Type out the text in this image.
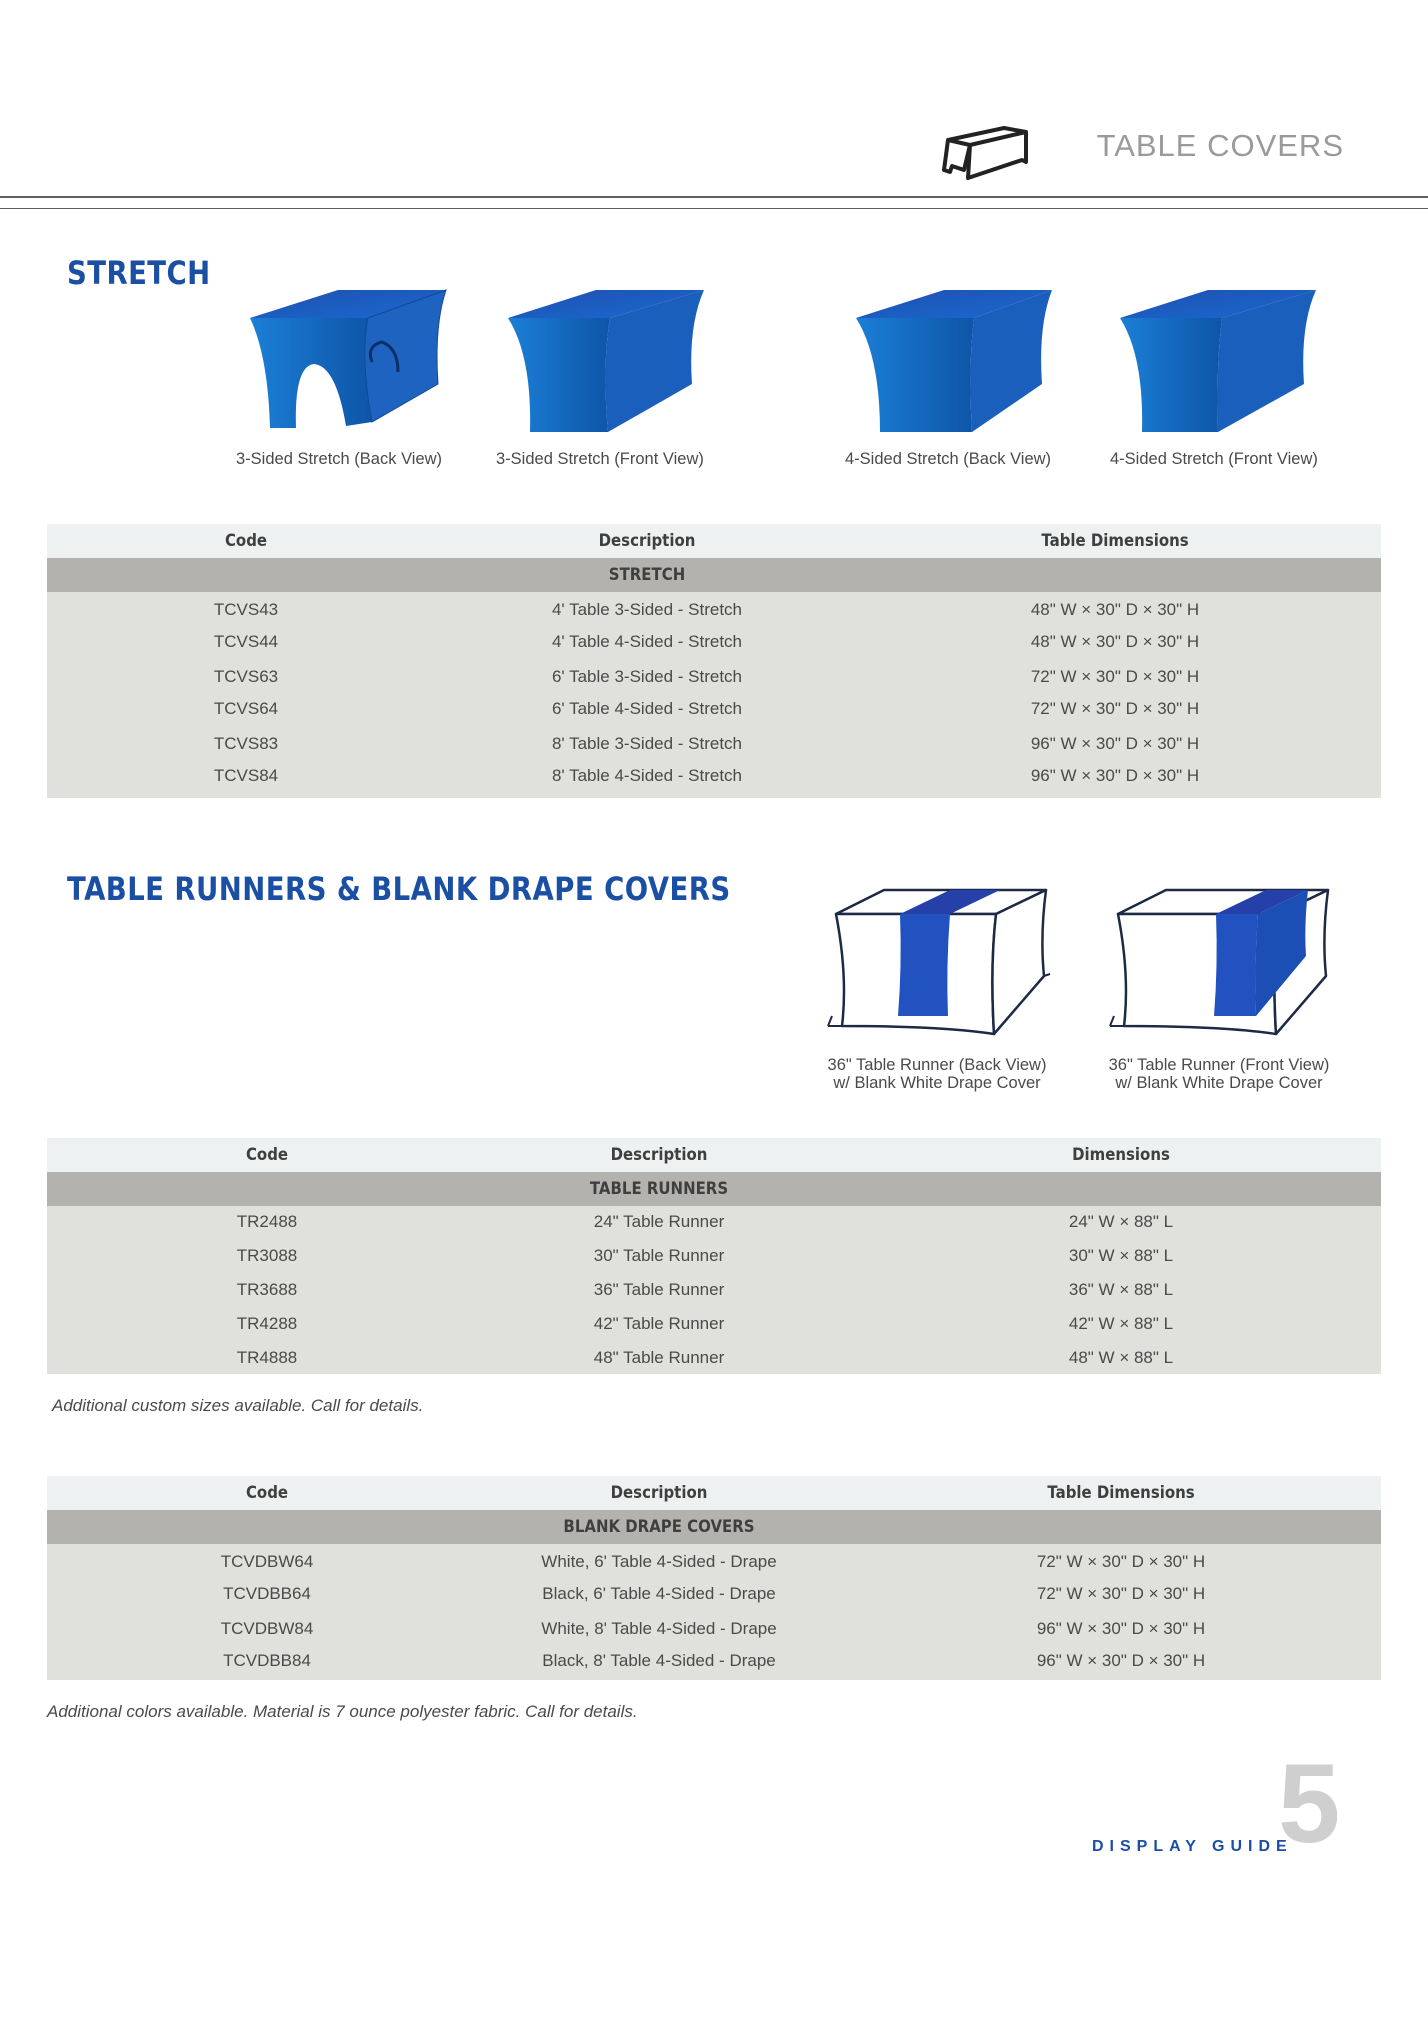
TABLE COVERS
STRETCH
3-Sided Stretch (Back View)	3-Sided Stretch (Front View)	4-Sided Stretch (Back View)	4-Sided Stretch (Front View)
Code	Description	Table Dimensions
STRETCH
TCVS43	4' Table 3-Sided - Stretch	48" W × 30" D × 30" H
TCVS44	4' Table 4-Sided - Stretch	48" W × 30" D × 30" H
TCVS63	6' Table 3-Sided - Stretch	72" W × 30" D × 30" H
TCVS64	6' Table 4-Sided - Stretch	72" W × 30" D × 30" H
TCVS83	8' Table 3-Sided - Stretch	96" W × 30" D × 30" H
TCVS84	8' Table 4-Sided - Stretch	96" W × 30" D × 30" H
TABLE RUNNERS & BLANK DRAPE COVERS
36" Table Runner (Back View)
w/ Blank White Drape Cover
36" Table Runner (Front View)
w/ Blank White Drape Cover
Code	Description	Dimensions
TABLE RUNNERS
TR2488	24" Table Runner	24" W × 88" L
TR3088	30" Table Runner	30" W × 88" L
TR3688	36" Table Runner	36" W × 88" L
TR4288	42" Table Runner	42" W × 88" L
TR4888	48" Table Runner	48" W × 88" L
Additional custom sizes available. Call for details.
Code	Description	Table Dimensions
BLANK DRAPE COVERS
TCVDBW64	White, 6' Table 4-Sided - Drape	72" W × 30" D × 30" H
TCVDBB64	Black, 6' Table 4-Sided - Drape	72" W × 30" D × 30" H
TCVDBW84	White, 8' Table 4-Sided - Drape	96" W × 30" D × 30" H
TCVDBB84	Black, 8' Table 4-Sided - Drape	96" W × 30" D × 30" H
Additional colors available. Material is 7 ounce polyester fabric. Call for details.
DISPLAY GUIDE
5
